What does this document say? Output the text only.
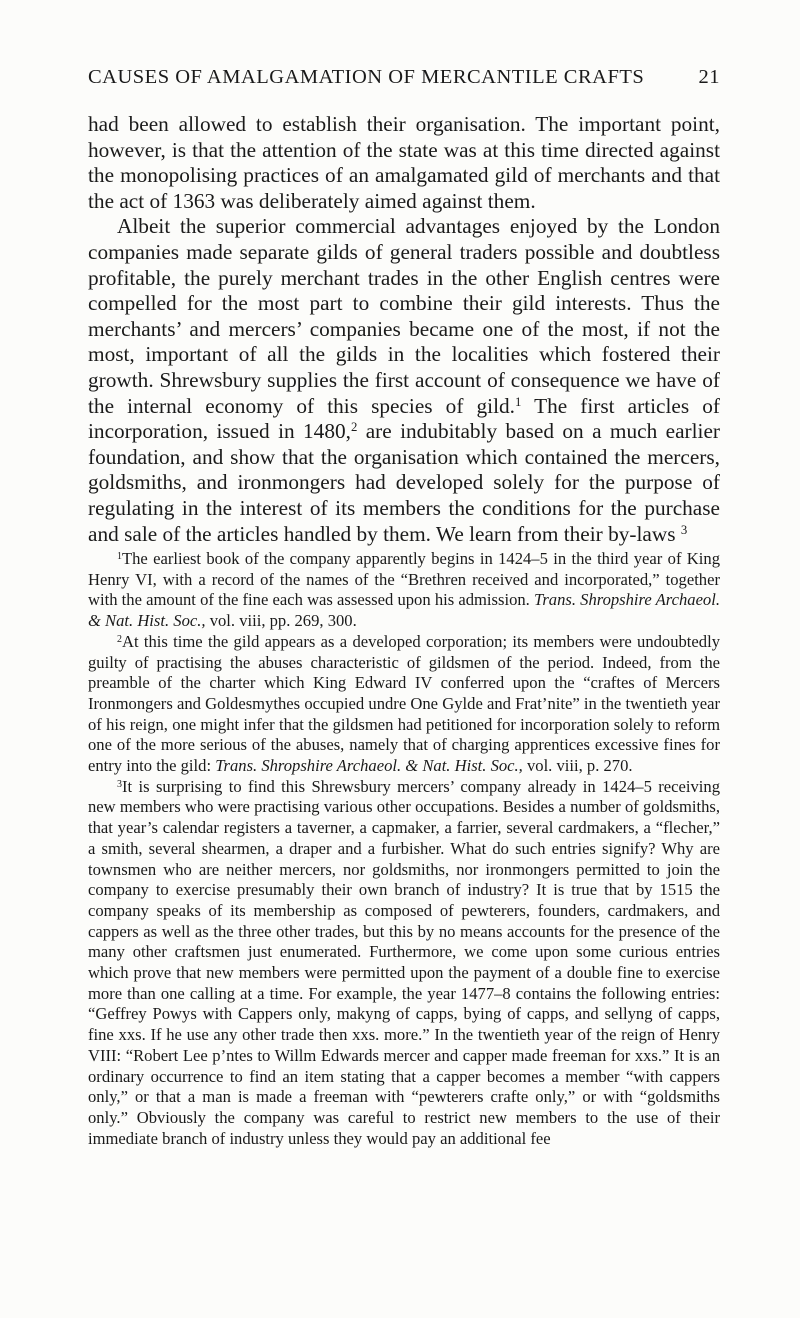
CAUSES OF AMALGAMATION OF MERCANTILE CRAFTS	21

had been allowed to establish their organisation. The important point, however, is that the attention of the state was at this time directed against the monopolising practices of an amalgamated gild of merchants and that the act of 1363 was deliberately aimed against them.

Albeit the superior commercial advantages enjoyed by the London companies made separate gilds of general traders possible and doubtless profitable, the purely merchant trades in the other English centres were compelled for the most part to combine their gild interests. Thus the merchants’ and mercers’ companies became one of the most, if not the most, important of all the gilds in the localities which fostered their growth. Shrewsbury supplies the first account of consequence we have of the internal economy of this species of gild.$^1$ The first articles of incorporation, issued in 1480,$^2$ are indubitably based on a much earlier foundation, and show that the organisation which contained the mercers, goldsmiths, and ironmongers had developed solely for the purpose of regulating in the interest of its members the conditions for the purchase and sale of the articles handled by them. We learn from their by-laws $^3$

$^1$The earliest book of the company apparently begins in 1424–5 in the third year of King Henry VI, with a record of the names of the “Brethren received and incorporated,” together with the amount of the fine each was assessed upon his admission. Trans. Shropshire Archaeol. & Nat. Hist. Soc., vol. viii, pp. 269, 300.

$^2$At this time the gild appears as a developed corporation; its members were undoubtedly guilty of practising the abuses characteristic of gildsmen of the period. Indeed, from the preamble of the charter which King Edward IV conferred upon the “craftes of Mercers Ironmongers and Goldesmythes occupied undre One Gylde and Frat’nite” in the twentieth year of his reign, one might infer that the gildsmen had petitioned for incorporation solely to reform one of the more serious of the abuses, namely that of charging apprentices excessive fines for entry into the gild: Trans. Shropshire Archaeol. & Nat. Hist. Soc., vol. viii, p. 270.

$^3$It is surprising to find this Shrewsbury mercers’ company already in 1424–5 receiving new members who were practising various other occupations. Besides a number of goldsmiths, that year’s calendar registers a taverner, a capmaker, a farrier, several cardmakers, a “flecher,” a smith, several shearmen, a draper and a furbisher. What do such entries signify? Why are townsmen who are neither mercers, nor goldsmiths, nor ironmongers permitted to join the company to exercise presumably their own branch of industry? It is true that by 1515 the company speaks of its membership as composed of pewterers, founders, cardmakers, and cappers as well as the three other trades, but this by no means accounts for the presence of the many other craftsmen just enumerated. Furthermore, we come upon some curious entries which prove that new members were permitted upon the payment of a double fine to exercise more than one calling at a time. For example, the year 1477–8 contains the following entries: “Geffrey Powys with Cappers only, makyng of capps, bying of capps, and sellyng of capps, fine xxs. If he use any other trade then xxs. more.” In the twentieth year of the reign of Henry VIII: “Robert Lee p’ntes to Willm Edwards mercer and capper made freeman for xxs.” It is an ordinary occurrence to find an item stating that a capper becomes a member “with cappers only,” or that a man is made a freeman with “pewterers crafte only,” or with “goldsmiths only.” Obviously the company was careful to restrict new members to the use of their immediate branch of industry unless they would pay an additional fee
